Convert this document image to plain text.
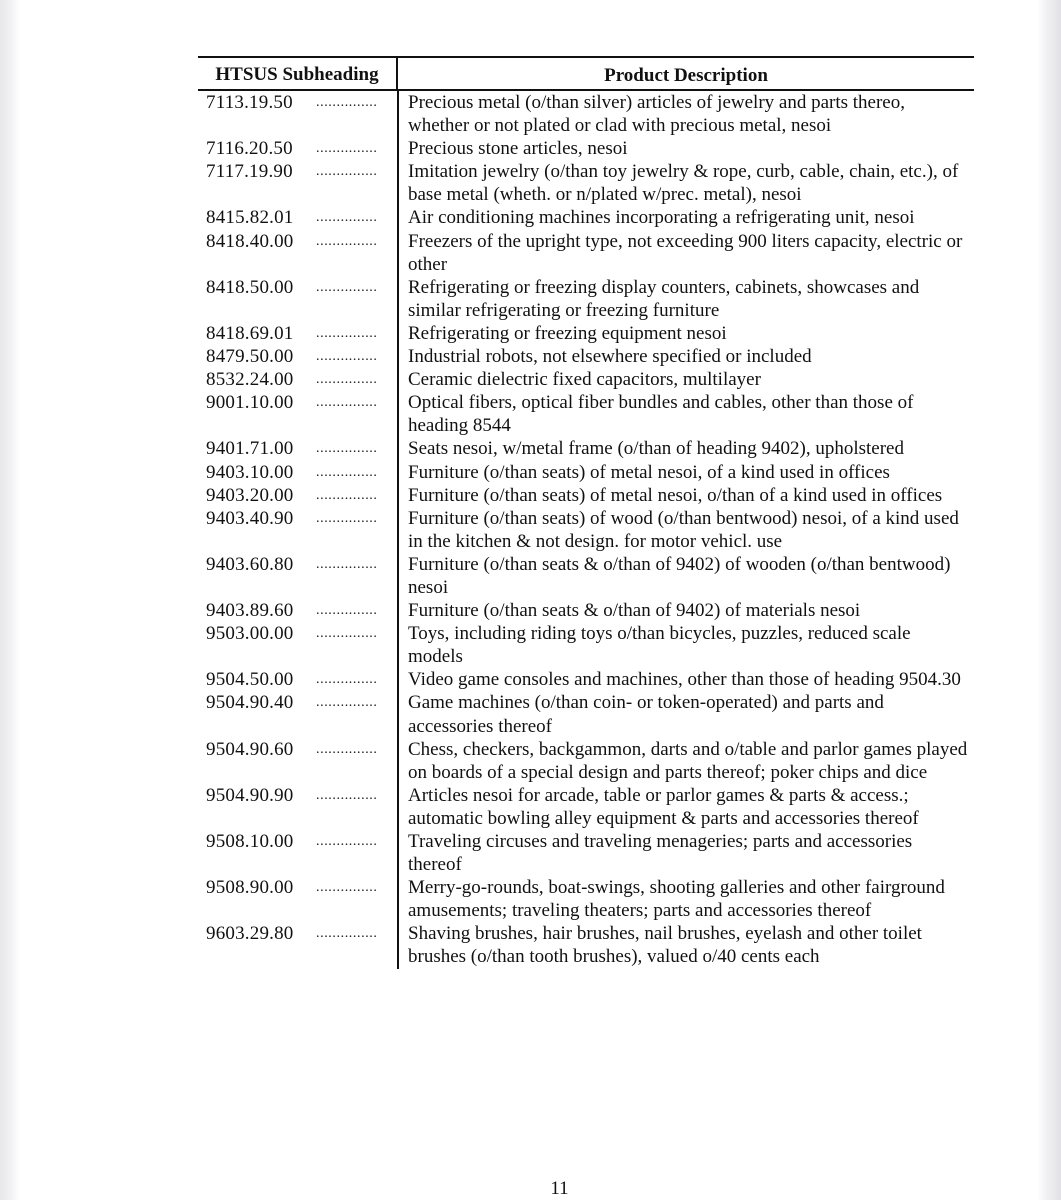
HTSUS Subheading	Product Description
7113.19.50	...............	Precious metal (o/than silver) articles of jewelry and parts thereo, whether or not plated or clad with precious metal, nesoi
7116.20.50	...............	Precious stone articles, nesoi
7117.19.90	...............	Imitation jewelry (o/than toy jewelry & rope, curb, cable, chain, etc.), of base metal (wheth. or n/plated w/prec. metal), nesoi
8415.82.01	...............	Air conditioning machines incorporating a refrigerating unit, nesoi
8418.40.00	...............	Freezers of the upright type, not exceeding 900 liters capacity, electric or other
8418.50.00	...............	Refrigerating or freezing display counters, cabinets, showcases and similar refrigerating or freezing furniture
8418.69.01	...............	Refrigerating or freezing equipment nesoi
8479.50.00	...............	Industrial robots, not elsewhere specified or included
8532.24.00	...............	Ceramic dielectric fixed capacitors, multilayer
9001.10.00	...............	Optical fibers, optical fiber bundles and cables, other than those of heading 8544
9401.71.00	...............	Seats nesoi, w/metal frame (o/than of heading 9402), upholstered
9403.10.00	...............	Furniture (o/than seats) of metal nesoi, of a kind used in offices
9403.20.00	...............	Furniture (o/than seats) of metal nesoi, o/than of a kind used in offices
9403.40.90	...............	Furniture (o/than seats) of wood (o/than bentwood) nesoi, of a kind used in the kitchen & not design. for motor vehicl. use
9403.60.80	...............	Furniture (o/than seats & o/than of 9402) of wooden (o/than bentwood) nesoi
9403.89.60	...............	Furniture (o/than seats & o/than of 9402) of materials nesoi
9503.00.00	...............	Toys, including riding toys o/than bicycles, puzzles, reduced scale models
9504.50.00	...............	Video game consoles and machines, other than those of heading 9504.30
9504.90.40	...............	Game machines (o/than coin- or token-operated) and parts and accessories thereof
9504.90.60	...............	Chess, checkers, backgammon, darts and o/table and parlor games played on boards of a special design and parts thereof; poker chips and dice
9504.90.90	...............	Articles nesoi for arcade, table or parlor games & parts & access.; automatic bowling alley equipment & parts and accessories thereof
9508.10.00	...............	Traveling circuses and traveling menageries; parts and accessories thereof
9508.90.00	...............	Merry-go-rounds, boat-swings, shooting galleries and other fairground amusements; traveling theaters; parts and accessories thereof
9603.29.80	...............	Shaving brushes, hair brushes, nail brushes, eyelash and other toilet brushes (o/than tooth brushes), valued o/40 cents each
11
